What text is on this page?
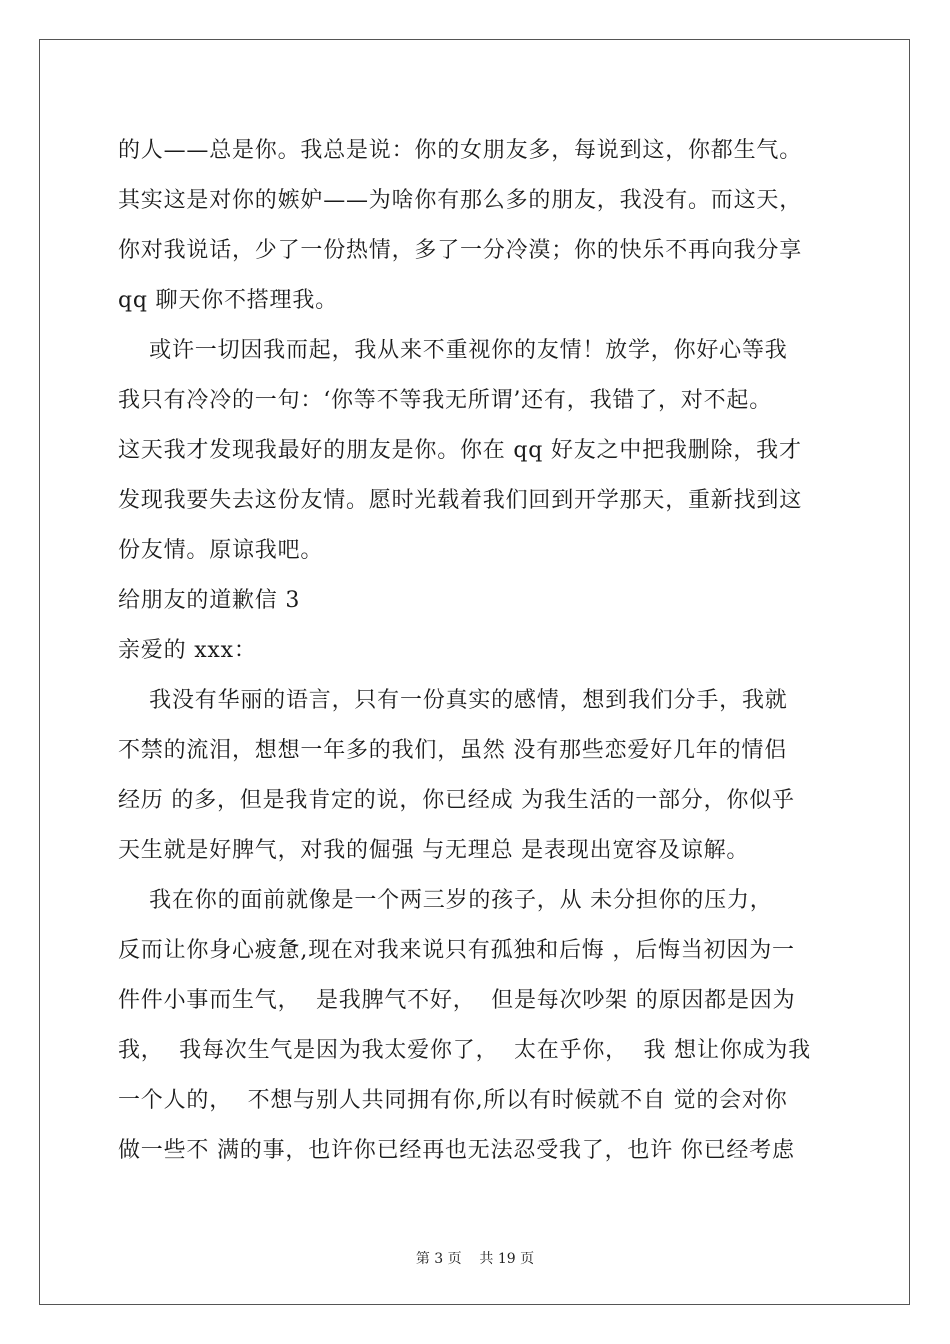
的人——总是你。我总是说：你的女朋友多，每说到这，你都生气。
其实这是对你的嫉妒——为啥你有那么多的朋友，我没有。而这天，
你对我说话，少了一份热情，多了一分冷漠；你的快乐不再向我分享
qq 聊天你不搭理我。
或许一切因我而起，我从来不重视你的友情！放学，你好心等我
我只有冷冷的一句：‘你等不等我无所谓’还有，我错了，对不起。
这天我才发现我最好的朋友是你。你在 qq 好友之中把我删除，我才
发现我要失去这份友情。愿时光载着我们回到开学那天，重新找到这
份友情。原谅我吧。
给朋友的道歉信 3
亲爱的 xxx：
我没有华丽的语言，只有一份真实的感情，想到我们分手，我就
不禁的流泪，想想一年多的我们，虽然 没有那些恋爱好几年的情侣
经历 的多，但是我肯定的说，你已经成 为我生活的一部分，你似乎
天生就是好脾气，对我的倔强 与无理总 是表现出宽容及谅解。
我在你的面前就像是一个两三岁的孩子，从 未分担你的压力，
反而让你身心疲惫,现在对我来说只有孤独和后悔 ，后悔当初因为一
件件小事而生气，  是我脾气不好，  但是每次吵架 的原因都是因为
我，  我每次生气是因为我太爱你了，  太在乎你，  我 想让你成为我
一个人的，  不想与别人共同拥有你,所以有时候就不自 觉的会对你
做一些不 满的事，也许你已经再也无法忍受我了，也许 你已经考虑
第 3 页    共 19 页
